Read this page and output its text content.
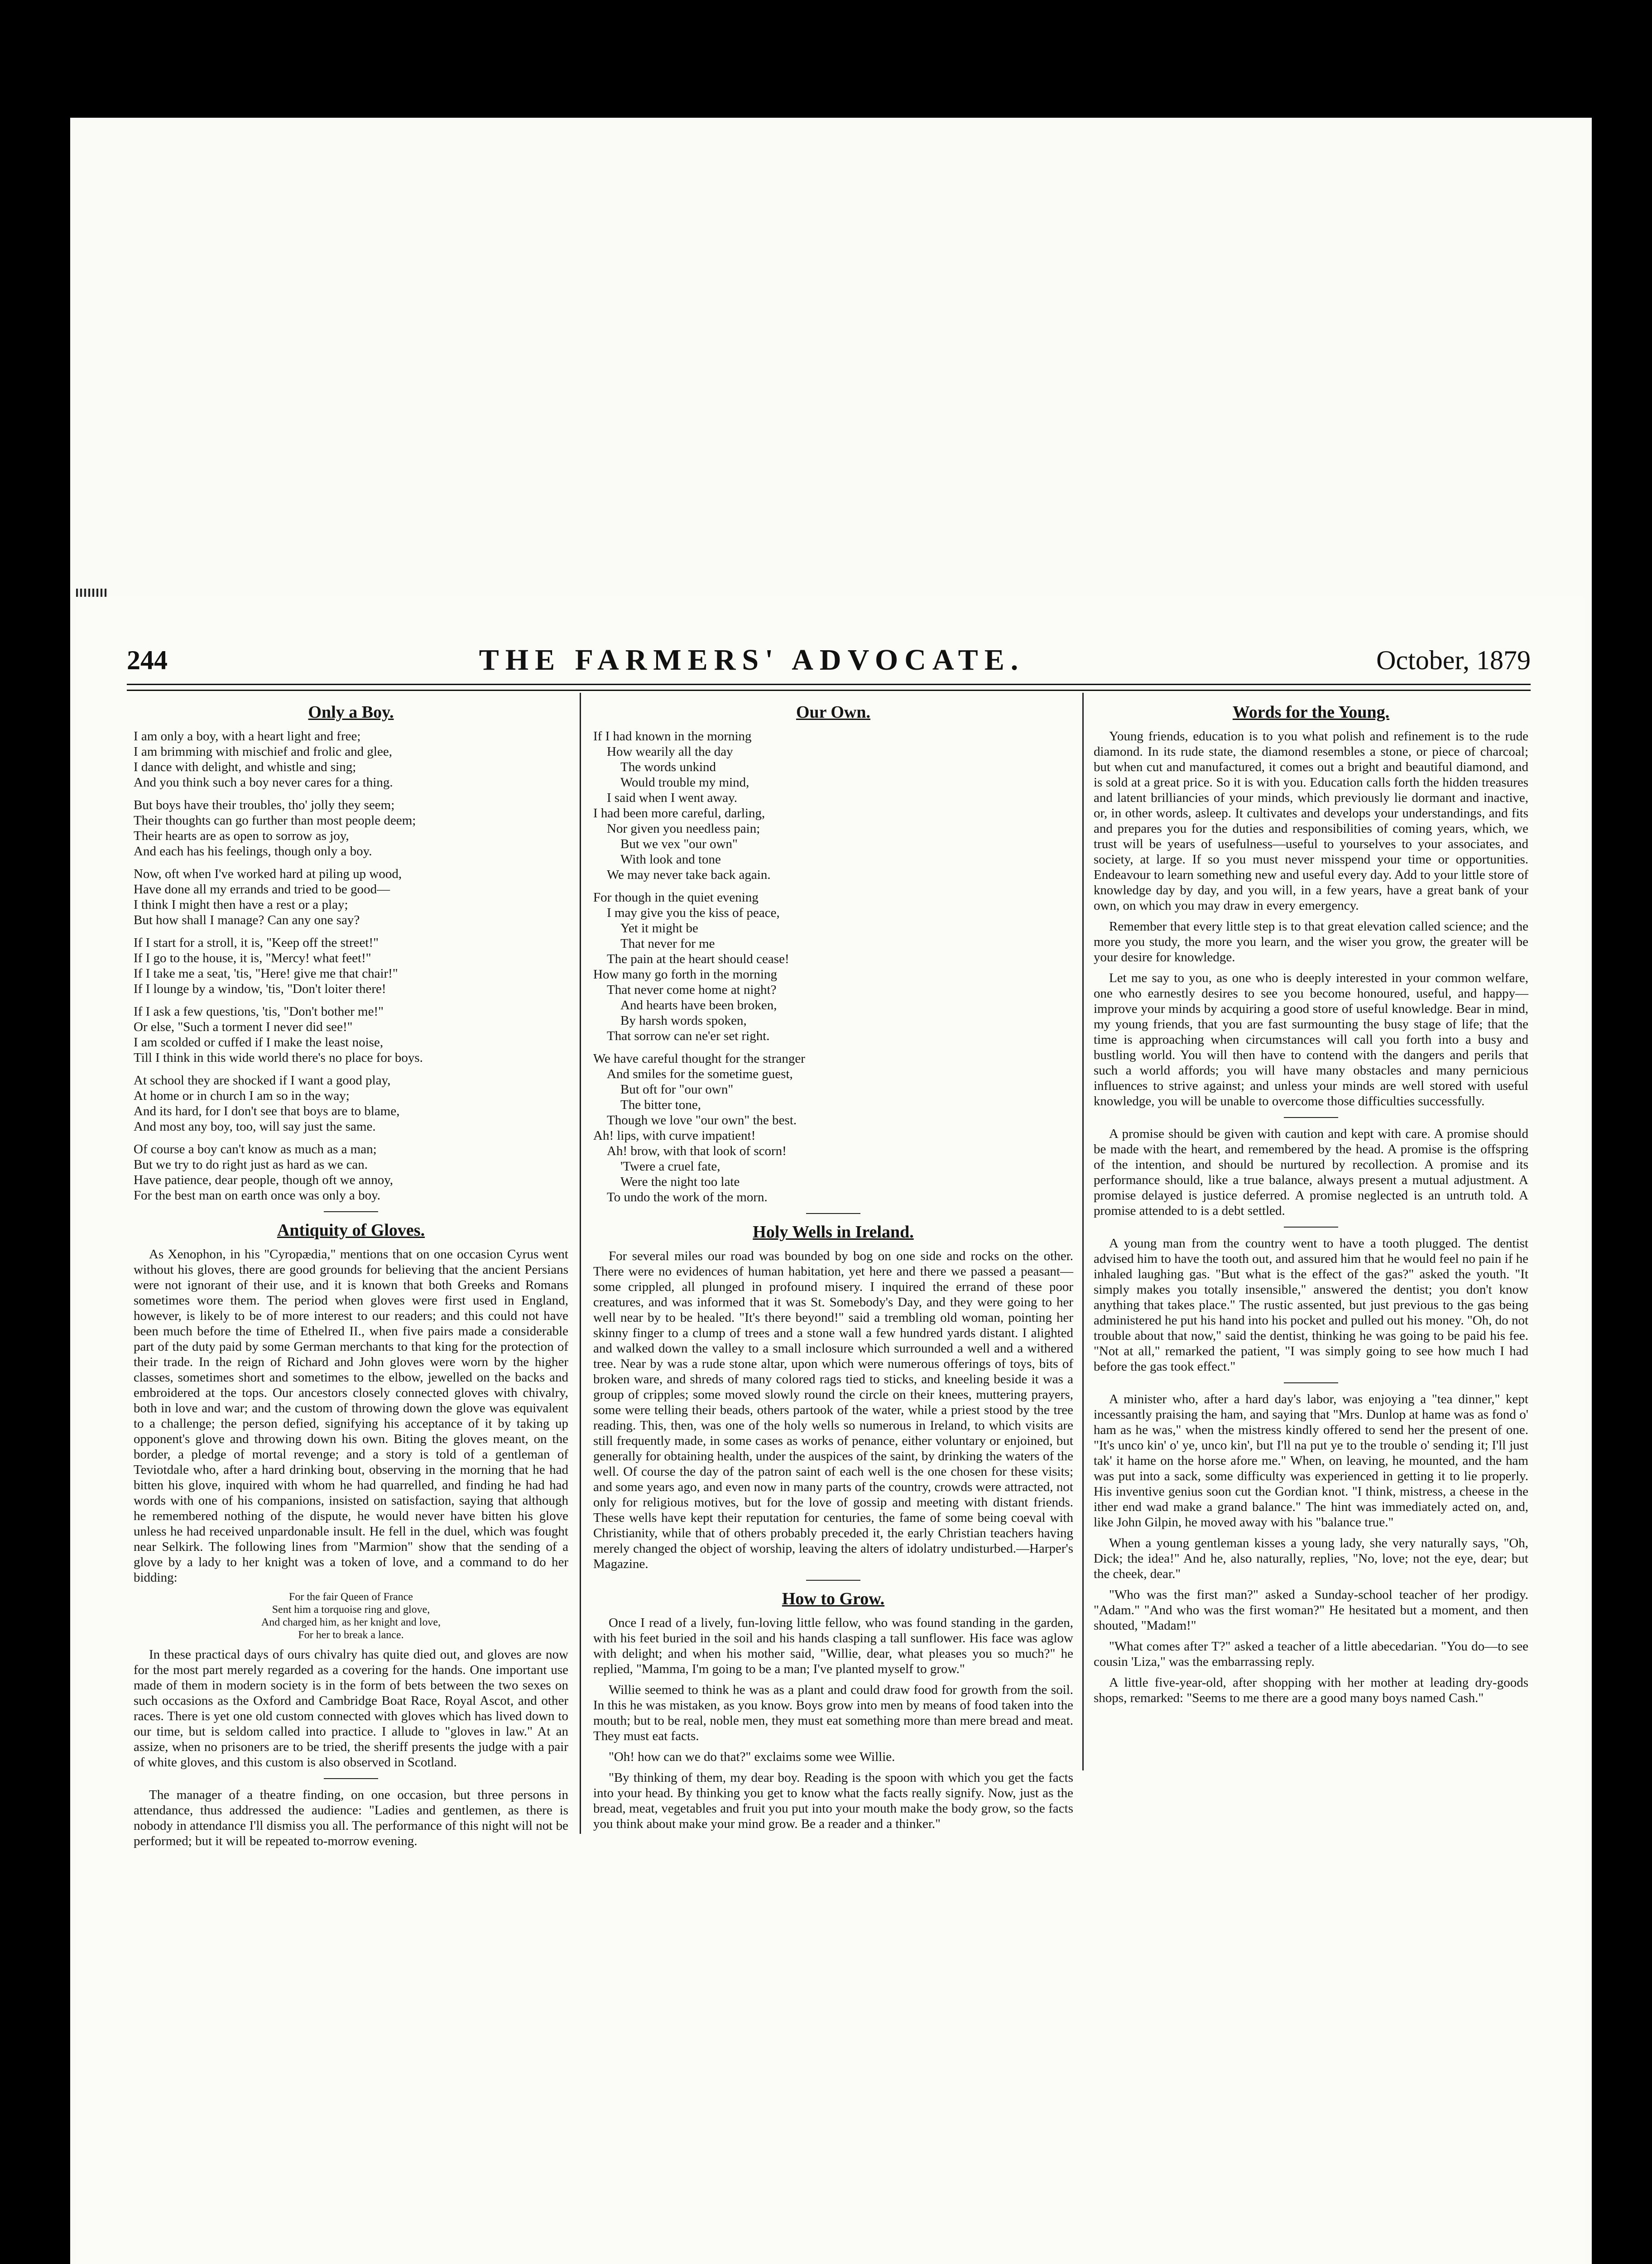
244	THE FARMERS' ADVOCATE.	October, 1879
Only a Boy.
I am only a boy, with a heart light and free;
I am brimming with mischief and frolic and glee,
I dance with delight, and whistle and sing;
And you think such a boy never cares for a thing.
But boys have their troubles, tho' jolly they seem;
Their thoughts can go further than most people deem;
Their hearts are as open to sorrow as joy,
And each has his feelings, though only a boy.
Now, oft when I've worked hard at piling up wood,
Have done all my errands and tried to be good—
I think I might then have a rest or a play;
But how shall I manage? Can any one say?
If I start for a stroll, it is, "Keep off the street!"
If I go to the house, it is, "Mercy! what feet!"
If I take me a seat, 'tis, "Here! give me that chair!"
If I lounge by a window, 'tis, "Don't loiter there!
If I ask a few questions, 'tis, "Don't bother me!"
Or else, "Such a torment I never did see!"
I am scolded or cuffed if I make the least noise,
Till I think in this wide world there's no place for boys.
At school they are shocked if I want a good play,
At home or in church I am so in the way;
And its hard, for I don't see that boys are to blame,
And most any boy, too, will say just the same.
Of course a boy can't know as much as a man;
But we try to do right just as hard as we can.
Have patience, dear people, though oft we annoy,
For the best man on earth once was only a boy.
Antiquity of Gloves.

As Xenophon, in his "Cyropædia," mentions that on one occasion Cyrus went without his gloves, there are good grounds for believing that the ancient Persians were not ignorant of their use, and it is known that both Greeks and Romans sometimes wore them. The period when gloves were first used in England, however, is likely to be of more interest to our readers; and this could not have been much before the time of Ethelred II., when five pairs made a considerable part of the duty paid by some German merchants to that king for the protection of their trade. In the reign of Richard and John gloves were worn by the higher classes, sometimes short and sometimes to the elbow, jewelled on the backs and embroidered at the tops. Our ancestors closely connected gloves with chivalry, both in love and war; and the custom of throwing down the glove was equivalent to a challenge; the person defied, signifying his acceptance of it by taking up opponent's glove and throwing down his own. Biting the gloves meant, on the border, a pledge of mortal revenge; and a story is told of a gentleman of Teviotdale who, after a hard drinking bout, observing in the morning that he had bitten his glove, inquired with whom he had quarrelled, and finding he had had words with one of his companions, insisted on satisfaction, saying that although he remembered nothing of the dispute, he would never have bitten his glove unless he had received unpardonable insult. He fell in the duel, which was fought near Selkirk. The following lines from "Marmion" show that the sending of a glove by a lady to her knight was a token of love, and a command to do her bidding:

For the fair Queen of France
Sent him a torquoise ring and glove,
And charged him, as her knight and love,
For her to break a lance.

In these practical days of ours chivalry has quite died out, and gloves are now for the most part merely regarded as a covering for the hands. One important use made of them in modern society is in the form of bets between the two sexes on such occasions as the Oxford and Cambridge Boat Race, Royal Ascot, and other races. There is yet one old custom connected with gloves which has lived down to our time, but is seldom called into practice. I allude to "gloves in law." At an assize, when no prisoners are to be tried, the sheriff presents the judge with a pair of white gloves, and this custom is also observed in Scotland.

The manager of a theatre finding, on one occasion, but three persons in attendance, thus addressed the audience: "Ladies and gentlemen, as there is nobody in attendance I'll dismiss you all. The performance of this night will not be performed; but it will be repeated to-morrow evening.

Our Own.
If I had known in the morning
How wearily all the day
The words unkind
Would trouble my mind,
I said when I went away.
I had been more careful, darling,
Nor given you needless pain;
But we vex "our own"
With look and tone
We may never take back again.
For though in the quiet evening
I may give you the kiss of peace,
Yet it might be
That never for me
The pain at the heart should cease!
How many go forth in the morning
That never come home at night?
And hearts have been broken,
By harsh words spoken,
That sorrow can ne'er set right.
We have careful thought for the stranger
And smiles for the sometime guest,
But oft for "our own"
The bitter tone,
Though we love "our own" the best.
Ah! lips, with curve impatient!
Ah! brow, with that look of scorn!
'Twere a cruel fate,
Were the night too late
To undo the work of the morn.
Holy Wells in Ireland.

For several miles our road was bounded by bog on one side and rocks on the other. There were no evidences of human habitation, yet here and there we passed a peasant—some crippled, all plunged in profound misery. I inquired the errand of these poor creatures, and was informed that it was St. Somebody's Day, and they were going to her well near by to be healed. "It's there beyond!" said a trembling old woman, pointing her skinny finger to a clump of trees and a stone wall a few hundred yards distant. I alighted and walked down the valley to a small inclosure which surrounded a well and a withered tree. Near by was a rude stone altar, upon which were numerous offerings of toys, bits of broken ware, and shreds of many colored rags tied to sticks, and kneeling beside it was a group of cripples; some moved slowly round the circle on their knees, muttering prayers, some were telling their beads, others partook of the water, while a priest stood by the tree reading. This, then, was one of the holy wells so numerous in Ireland, to which visits are still frequently made, in some cases as works of penance, either voluntary or enjoined, but generally for obtaining health, under the auspices of the saint, by drinking the waters of the well. Of course the day of the patron saint of each well is the one chosen for these visits; and some years ago, and even now in many parts of the country, crowds were attracted, not only for religious motives, but for the love of gossip and meeting with distant friends. These wells have kept their reputation for centuries, the fame of some being coeval with Christianity, while that of others probably preceded it, the early Christian teachers having merely changed the object of worship, leaving the alters of idolatry undisturbed.—Harper's Magazine.

How to Grow.

Once I read of a lively, fun-loving little fellow, who was found standing in the garden, with his feet buried in the soil and his hands clasping a tall sunflower. His face was aglow with delight; and when his mother said, "Willie, dear, what pleases you so much?" he replied, "Mamma, I'm going to be a man; I've planted myself to grow."

Willie seemed to think he was as a plant and could draw food for growth from the soil. In this he was mistaken, as you know. Boys grow into men by means of food taken into the mouth; but to be real, noble men, they must eat something more than mere bread and meat. They must eat facts.

"Oh! how can we do that?" exclaims some wee Willie.

"By thinking of them, my dear boy. Reading is the spoon with which you get the facts into your head. By thinking you get to know what the facts really signify. Now, just as the bread, meat, vegetables and fruit you put into your mouth make the body grow, so the facts you think about make your mind grow. Be a reader and a thinker."

Words for the Young.

Young friends, education is to you what polish and refinement is to the rude diamond. In its rude state, the diamond resembles a stone, or piece of charcoal; but when cut and manufactured, it comes out a bright and beautiful diamond, and is sold at a great price. So it is with you. Education calls forth the hidden treasures and latent brilliancies of your minds, which previously lie dormant and inactive, or, in other words, asleep. It cultivates and develops your understandings, and fits and prepares you for the duties and responsibilities of coming years, which, we trust will be years of usefulness—useful to yourselves to your associates, and society, at large. If so you must never misspend your time or opportunities. Endeavour to learn something new and useful every day. Add to your little store of knowledge day by day, and you will, in a few years, have a great bank of your own, on which you may draw in every emergency.

Remember that every little step is to that great elevation called science; and the more you study, the more you learn, and the wiser you grow, the greater will be your desire for knowledge.

Let me say to you, as one who is deeply interested in your common welfare, one who earnestly desires to see you become honoured, useful, and happy—improve your minds by acquiring a good store of useful knowledge. Bear in mind, my young friends, that you are fast surmounting the busy stage of life; that the time is approaching when circumstances will call you forth into a busy and bustling world. You will then have to contend with the dangers and perils that such a world affords; you will have many obstacles and many pernicious influences to strive against; and unless your minds are well stored with useful knowledge, you will be unable to overcome those difficulties successfully.

A promise should be given with caution and kept with care. A promise should be made with the heart, and remembered by the head. A promise is the offspring of the intention, and should be nurtured by recollection. A promise and its performance should, like a true balance, always present a mutual adjustment. A promise delayed is justice deferred. A promise neglected is an untruth told. A promise attended to is a debt settled.

A young man from the country went to have a tooth plugged. The dentist advised him to have the tooth out, and assured him that he would feel no pain if he inhaled laughing gas. "But what is the effect of the gas?" asked the youth. "It simply makes you totally insensible," answered the dentist; you don't know anything that takes place." The rustic assented, but just previous to the gas being administered he put his hand into his pocket and pulled out his money. "Oh, do not trouble about that now," said the dentist, thinking he was going to be paid his fee. "Not at all," remarked the patient, "I was simply going to see how much I had before the gas took effect."

A minister who, after a hard day's labor, was enjoying a "tea dinner," kept incessantly praising the ham, and saying that "Mrs. Dunlop at hame was as fond o' ham as he was," when the mistress kindly offered to send her the present of one. "It's unco kin' o' ye, unco kin', but I'll na put ye to the trouble o' sending it; I'll just tak' it hame on the horse afore me." When, on leaving, he mounted, and the ham was put into a sack, some difficulty was experienced in getting it to lie properly. His inventive genius soon cut the Gordian knot. "I think, mistress, a cheese in the ither end wad make a grand balance." The hint was immediately acted on, and, like John Gilpin, he moved away with his "balance true."

When a young gentleman kisses a young lady, she very naturally says, "Oh, Dick; the idea!" And he, also naturally, replies, "No, love; not the eye, dear; but the cheek, dear."

"Who was the first man?" asked a Sunday-school teacher of her prodigy. "Adam." "And who was the first woman?" He hesitated but a moment, and then shouted, "Madam!"

"What comes after T?" asked a teacher of a little abecedarian. "You do—to see cousin 'Liza," was the embarrassing reply.

A little five-year-old, after shopping with her mother at leading dry-goods shops, remarked: "Seems to me there are a good many boys named Cash."
